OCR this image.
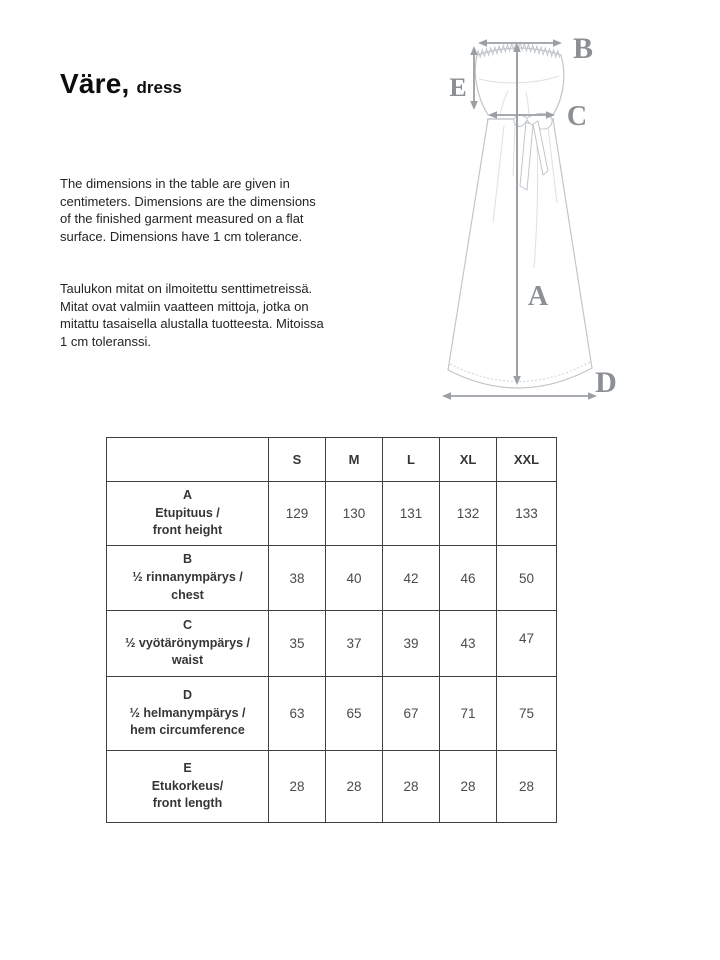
Väre, dress

The dimensions in the table are given in centimeters. Dimensions are the dimensions of the finished garment measured on a flat surface. Dimensions have 1 cm tolerance.

Taulukon mitat on ilmoitettu senttimetreissä. Mitat ovat valmiin vaatteen mittoja, jotka on mitattu tasaisella alustalla tuotteesta. Mitoissa 1 cm toleranssi.

B
E
C
A
D
	S	M	L	XL	XXL

A
Etupituus /
front height	129	130	131	132	133

B
½ rinnanympärys /
chest	38	40	42	46	50

C
½ vyötärönympärys /
waist	35	37	39	43	47

D
½ helmanympärys /
hem circumference	63	65	67	71	75

E
Etukorkeus/
front length	28	28	28	28	28
